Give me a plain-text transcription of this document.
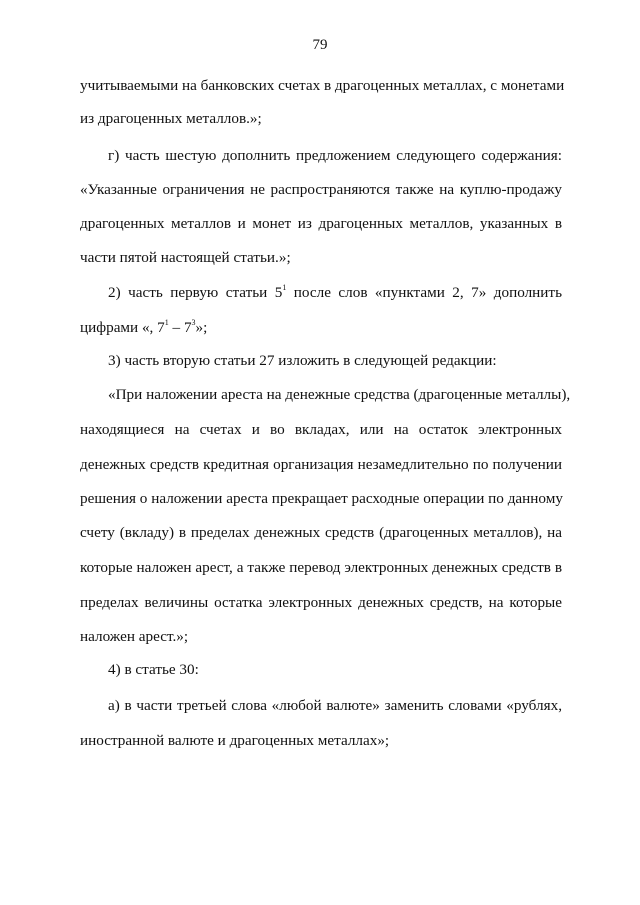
79
учитываемыми на банковских счетах в драгоценных металлах, с монетами
из драгоценных металлов.»;
г) часть шестую дополнить предложением следующего содержания:
«Указанные ограничения не распространяются также на куплю-продажу
драгоценных металлов и монет из драгоценных металлов, указанных в
части пятой настоящей статьи.»;
2) часть первую статьи $5^1$ после слов «пунктами 2, 7» дополнить
цифрами «, $7^1 - 7^3$»;
3) часть вторую статьи 27 изложить в следующей редакции:
«При наложении ареста на денежные средства (драгоценные металлы),
находящиеся на счетах и во вкладах, или на остаток электронных
денежных средств кредитная организация незамедлительно по получении
решения о наложении ареста прекращает расходные операции по данному
счету (вкладу) в пределах денежных средств (драгоценных металлов), на
которые наложен арест, а также перевод электронных денежных средств в
пределах величины остатка электронных денежных средств, на которые
наложен арест.»;
4) в статье 30:
а) в части третьей слова «любой валюте» заменить словами «рублях,
иностранной валюте и драгоценных металлах»;
